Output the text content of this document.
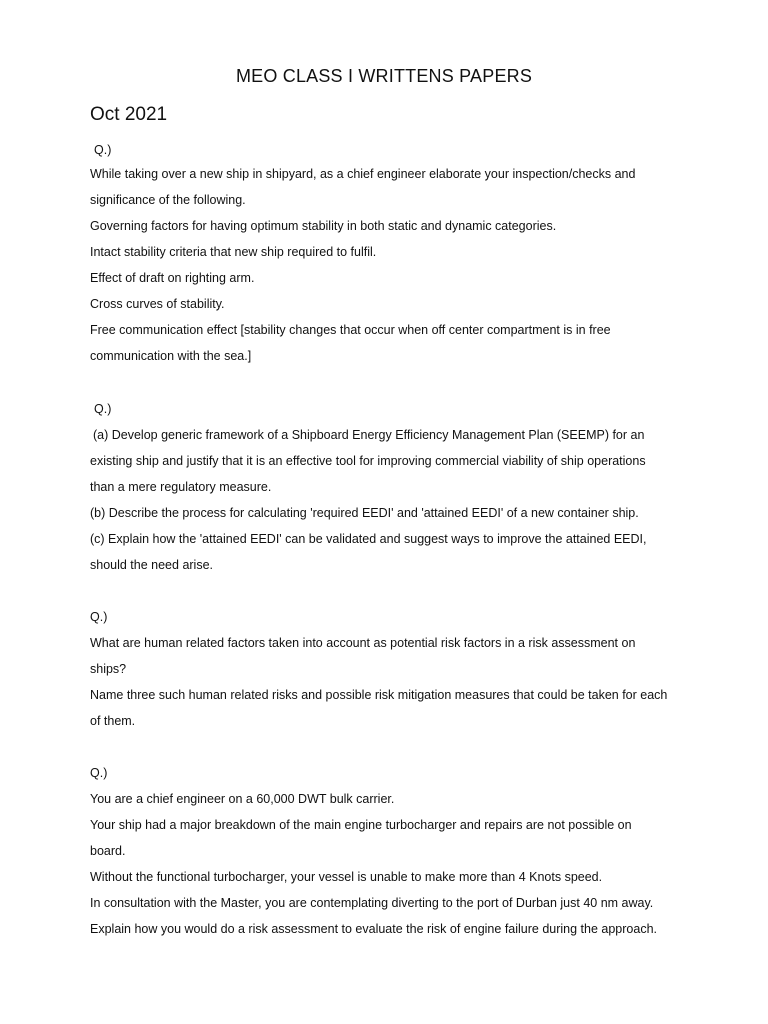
MEO CLASS I WRITTENS PAPERS
Oct 2021
Q.)
While taking over a new ship in shipyard, as a chief engineer elaborate your inspection/checks and
significance of the following.
Governing factors for having optimum stability in both static and dynamic categories.
Intact stability criteria that new ship required to fulfil.
Effect of draft on righting arm.
Cross curves of stability.
Free communication effect [stability changes that occur when off center compartment is in free
communication with the sea.]
Q.)
(a) Develop generic framework of a Shipboard Energy Efficiency Management Plan (SEEMP) for an
existing ship and justify that it is an effective tool for improving commercial viability of ship operations
than a mere regulatory measure.
(b) Describe the process for calculating 'required EEDI' and 'attained EEDI' of a new container ship.
(c) Explain how the 'attained EEDI' can be validated and suggest ways to improve the attained EEDI,
should the need arise.
Q.)
What are human related factors taken into account as potential risk factors in a risk assessment on
ships?
Name three such human related risks and possible risk mitigation measures that could be taken for each
of them.
Q.)
You are a chief engineer on a 60,000 DWT bulk carrier.
Your ship had a major breakdown of the main engine turbocharger and repairs are not possible on
board.
Without the functional turbocharger, your vessel is unable to make more than 4 Knots speed.
In consultation with the Master, you are contemplating diverting to the port of Durban just 40 nm away.
Explain how you would do a risk assessment to evaluate the risk of engine failure during the approach.
